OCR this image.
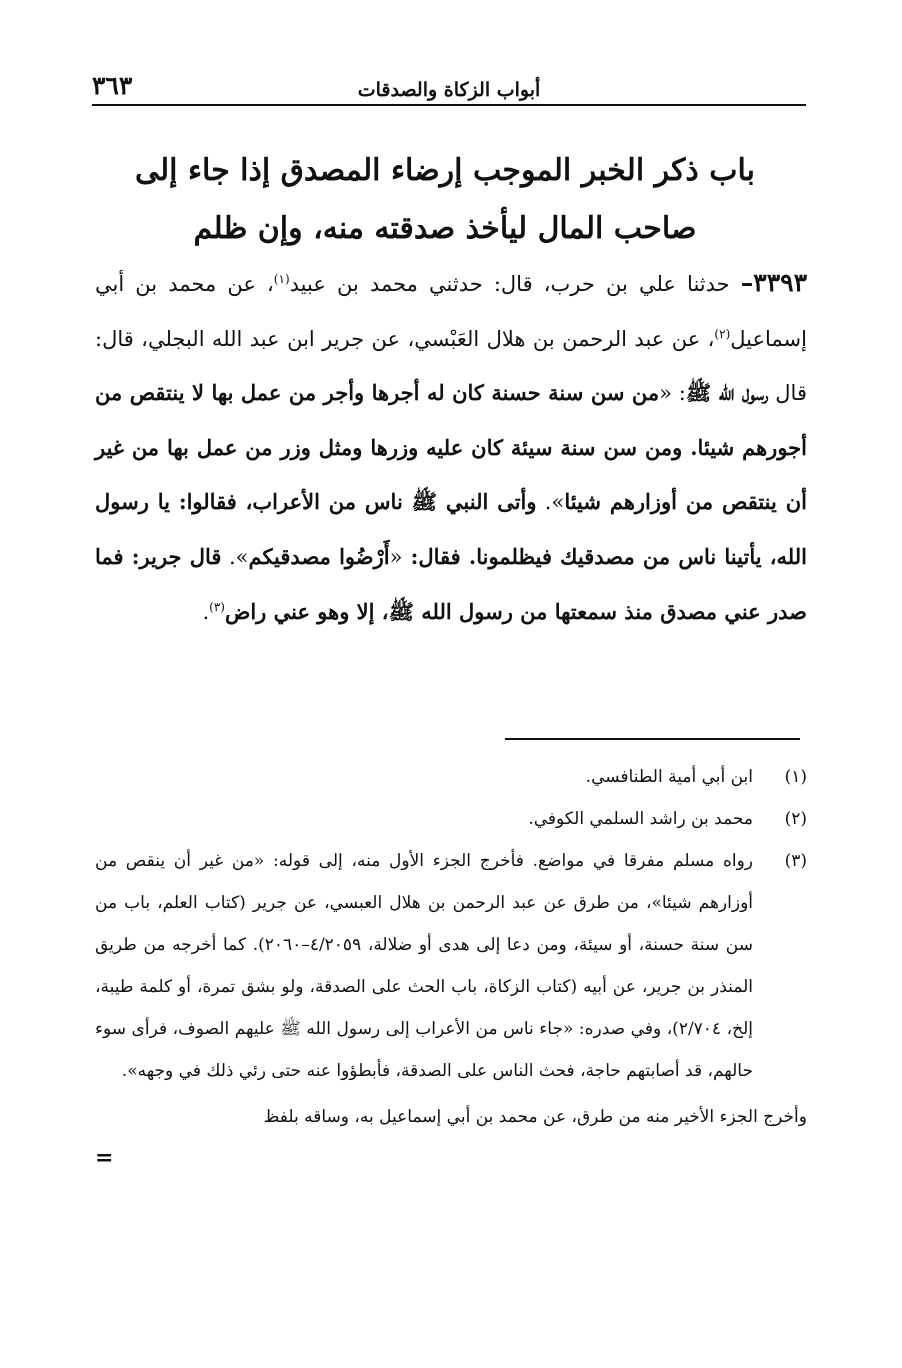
أبواب الزكاة والصدقات
٣٦٣
باب ذكر الخبر الموجب إرضاء المصدق إذا جاء إلى صاحب المال ليأخذ صدقته منه، وإن ظلم
٣٣٩٣– حدثنا علي بن حرب، قال: حدثني محمد بن عبيد$^{(١)}$، عن محمد بن أبي إسماعيل$^{(٢)}$، عن عبد الرحمن بن هلال العَبْسي، عن جرير ابن عبد الله البجلي، قال: قال رسول الله ﷺ: «من سن سنة حسنة كان له أجرها وأجر من عمل بها لا ينتقص من أجورهم شيئا. ومن سن سنة سيئة كان عليه وزرها ومثل وزر من عمل بها من غير أن ينتقص من أوزارهم شيئا». وأتى النبي ﷺ ناس من الأعراب، فقالوا: يا رسول الله، يأتينا ناس من مصدقيك فيظلمونا. فقال: «أَرْضُوا مصدقيكم». قال جرير: فما صدر عني مصدق منذ سمعتها من رسول الله ﷺ، إلا وهو عني راض$^{(٣)}$.
(١)
ابن أبي أمية الطنافسي.
(٢)
محمد بن راشد السلمي الكوفي.
(٣)
رواه مسلم مفرقا في مواضع. فأخرج الجزء الأول منه، إلى قوله: «من غير أن ينقص من أوزارهم شيئا»، من طرق عن عبد الرحمن بن هلال العبسي، عن جرير (كتاب العلم، باب من سن سنة حسنة، أو سيئة، ومن دعا إلى هدى أو ضلالة، ٤/٢٠٥٩–٢٠٦٠). كما أخرجه من طريق المنذر بن جرير، عن أبيه (كتاب الزكاة، باب الحث على الصدقة، ولو بشق تمرة، أو كلمة طيبة، إلخ، ٢/٧٠٤)، وفي صدره: «جاء ناس من الأعراب إلى رسول الله ﷺ عليهم الصوف، فرأى سوء حالهم، قد أصابتهم حاجة، فحث الناس على الصدقة، فأبطؤوا عنه حتى رئي ذلك في وجهه».
وأخرج الجزء الأخير منه من طرق، عن محمد بن أبي إسماعيل به، وساقه بلفظ
=
